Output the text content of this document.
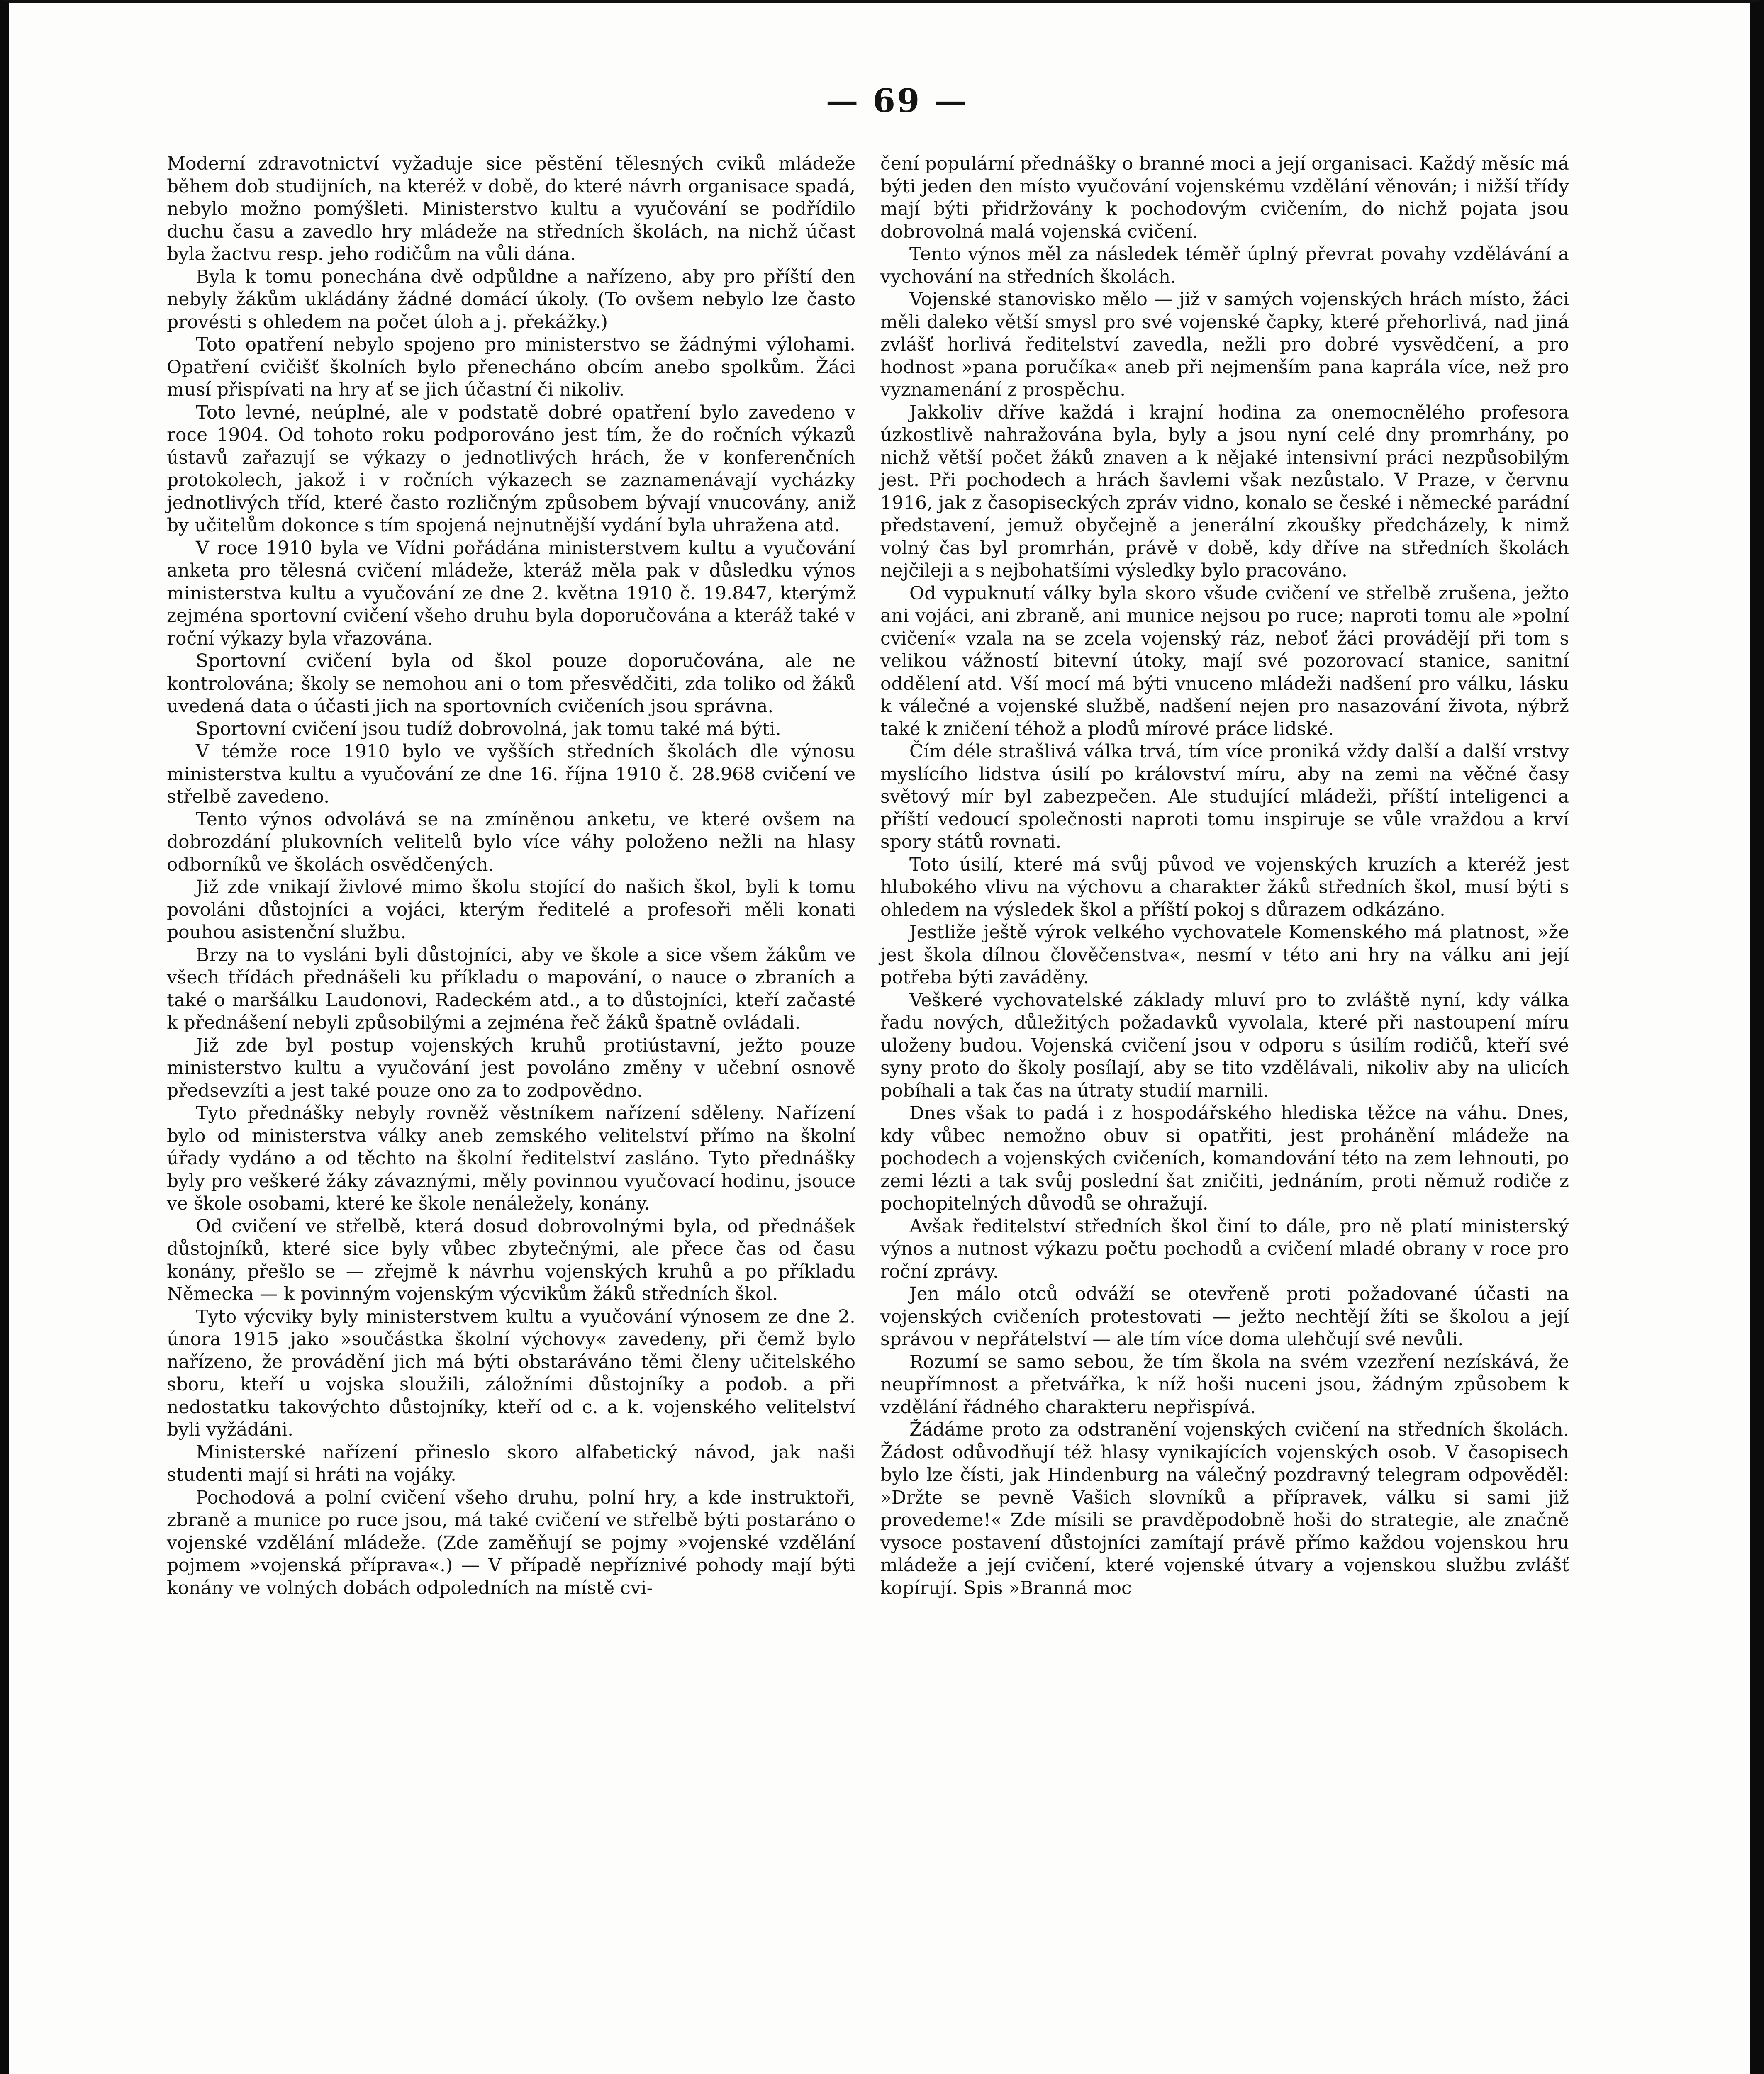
— 69 —

Moderní zdravotnictví vyžaduje sice pěstění tělesných cviků mládeže během dob studijních, na kteréž v době, do které návrh organisace spadá, nebylo možno pomýšleti. Ministerstvo kultu a vyučování se podřídilo duchu času a zavedlo hry mládeže na středních školách, na nichž účast byla žactvu resp. jeho rodičům na vůli dána.

Byla k tomu ponechána dvě odpůldne a nařízeno, aby pro příští den nebyly žákům ukládány žádné domácí úkoly. (To ovšem nebylo lze často provésti s ohledem na počet úloh a j. překážky.)

Toto opatření nebylo spojeno pro ministerstvo se žádnými výlohami. Opatření cvičišť školních bylo přenecháno obcím anebo spolkům. Žáci musí přispívati na hry ať se jich účastní či nikoliv.

Toto levné, neúplné, ale v podstatě dobré opatření bylo zavedeno v roce 1904. Od tohoto roku podporováno jest tím, že do ročních výkazů ústavů zařazují se výkazy o jednotlivých hrách, že v konferenčních protokolech, jakož i v ročních výkazech se zaznamenávají vycházky jednotlivých tříd, které často rozličným způsobem bývají vnucovány, aniž by učitelům dokonce s tím spojená nejnutnější vydání byla uhražena atd.

V roce 1910 byla ve Vídni pořádána ministerstvem kultu a vyučování anketa pro tělesná cvičení mládeže, kteráž měla pak v důsledku výnos ministerstva kultu a vyučování ze dne 2. května 1910 č. 19.847, kterýmž zejména sportovní cvičení všeho druhu byla doporučována a kteráž také v roční výkazy byla vřazována.

Sportovní cvičení byla od škol pouze doporučována, ale ne kontrolována; školy se nemohou ani o tom přesvědčiti, zda toliko od žáků uvedená data o účasti jich na sportovních cvičeních jsou správna.

Sportovní cvičení jsou tudíž dobrovolná, jak tomu také má býti.

V témže roce 1910 bylo ve vyšších středních školách dle výnosu ministerstva kultu a vyučování ze dne 16. října 1910 č. 28.968 cvičení ve střelbě zavedeno.

Tento výnos odvolává se na zmíněnou anketu, ve které ovšem na dobrozdání plukovních velitelů bylo více váhy položeno nežli na hlasy odborníků ve školách osvědčených.

Již zde vnikají živlové mimo školu stojící do našich škol, byli k tomu povoláni důstojníci a vojáci, kterým ředitelé a profesoři měli konati pouhou asistenční službu.

Brzy na to vysláni byli důstojníci, aby ve škole a sice všem žákům ve všech třídách přednášeli ku příkladu o mapování, o nauce o zbraních a také o maršálku Laudonovi, Radeckém atd., a to důstojníci, kteří začasté k přednášení nebyli způsobilými a zejména řeč žáků špatně ovládali.

Již zde byl postup vojenských kruhů protiústavní, ježto pouze ministerstvo kultu a vyučování jest povoláno změny v učební osnově předsevzíti a jest také pouze ono za to zodpovědno.

Tyto přednášky nebyly rovněž věstníkem nařízení sděleny. Nařízení bylo od ministerstva války aneb zemského velitelství přímo na školní úřady vydáno a od těchto na školní ředitelství zasláno. Tyto přednášky byly pro veškeré žáky závaznými, měly povinnou vyučovací hodinu, jsouce ve škole osobami, které ke škole nenáležely, konány.

Od cvičení ve střelbě, která dosud dobrovolnými byla, od přednášek důstojníků, které sice byly vůbec zbytečnými, ale přece čas od času konány, přešlo se — zřejmě k návrhu vojenských kruhů a po příkladu Německa — k povinným vojenským výcvikům žáků středních škol.

Tyto výcviky byly ministerstvem kultu a vyučování výnosem ze dne 2. února 1915 jako »součástka školní výchovy« zavedeny, při čemž bylo nařízeno, že provádění jich má býti obstaráváno těmi členy učitelského sboru, kteří u vojska sloužili, záložními důstojníky a podob. a při nedostatku takovýchto důstojníky, kteří od c. a k. vojenského velitelství byli vyžádáni.

Ministerské nařízení přineslo skoro alfabetický návod, jak naši studenti mají si hráti na vojáky.

Pochodová a polní cvičení všeho druhu, polní hry, a kde instruktoři, zbraně a munice po ruce jsou, má také cvičení ve střelbě býti postaráno o vojenské vzdělání mládeže. (Zde zaměňují se pojmy »vojenské vzdělání pojmem »vojenská příprava«.) — V případě nepříznivé pohody mají býti konány ve volných dobách odpoledních na místě cvi-

čení populární přednášky o branné moci a její organisaci. Každý měsíc má býti jeden den místo vyučování vojenskému vzdělání věnován; i nižší třídy mají býti přidržovány k pochodovým cvičením, do nichž pojata jsou dobrovolná malá vojenská cvičení.

Tento výnos měl za následek téměř úplný převrat povahy vzdělávání a vychování na středních školách.

Vojenské stanovisko mělo — již v samých vojenských hrách místo, žáci měli daleko větší smysl pro své vojenské čapky, které přehorlivá, nad jiná zvlášť horlivá ředitelství zavedla, nežli pro dobré vysvědčení, a pro hodnost »pana poručíka« aneb při nejmenším pana kaprála více, než pro vyznamenání z prospěchu.

Jakkoliv dříve každá i krajní hodina za onemocnělého profesora úzkostlivě nahražována byla, byly a jsou nyní celé dny promrhány, po nichž větší počet žáků znaven a k nějaké intensivní práci nezpůsobilým jest. Při pochodech a hrách šavlemi však nezůstalo. V Praze, v červnu 1916, jak z časopiseckých zpráv vidno, konalo se české i německé parádní představení, jemuž obyčejně a jenerální zkoušky předcházely, k nimž volný čas byl promrhán, právě v době, kdy dříve na středních školách nejčileji a s nejbohatšími výsledky bylo pracováno.

Od vypuknutí války byla skoro všude cvičení ve střelbě zrušena, ježto ani vojáci, ani zbraně, ani munice nejsou po ruce; naproti tomu ale »polní cvičení« vzala na se zcela vojenský ráz, neboť žáci provádějí při tom s velikou vážností bitevní útoky, mají své pozorovací stanice, sanitní oddělení atd. Vší mocí má býti vnuceno mládeži nadšení pro válku, lásku k válečné a vojenské službě, nadšení nejen pro nasazování života, nýbrž také k zničení téhož a plodů mírové práce lidské.

Čím déle strašlivá válka trvá, tím více proniká vždy další a další vrstvy myslícího lidstva úsilí po království míru, aby na zemi na věčné časy světový mír byl zabezpečen. Ale studující mládeži, příští inteligenci a příští vedoucí společnosti naproti tomu inspiruje se vůle vraždou a krví spory států rovnati.

Toto úsilí, které má svůj původ ve vojenských kruzích a kteréž jest hlubokého vlivu na výchovu a charakter žáků středních škol, musí býti s ohledem na výsledek škol a příští pokoj s důrazem odkázáno.

Jestliže ještě výrok velkého vychovatele Komenského má platnost, »že jest škola dílnou člověčenstva«, nesmí v této ani hry na válku ani její potřeba býti zaváděny.

Veškeré vychovatelské základy mluví pro to zvláště nyní, kdy válka řadu nových, důležitých požadavků vyvolala, které při nastoupení míru uloženy budou. Vojenská cvičení jsou v odporu s úsilím rodičů, kteří své syny proto do školy posílají, aby se tito vzdělávali, nikoliv aby na ulicích pobíhali a tak čas na útraty studií marnili.

Dnes však to padá i z hospodářského hlediska těžce na váhu. Dnes, kdy vůbec nemožno obuv si opatřiti, jest prohánění mládeže na pochodech a vojenských cvičeních, komandování této na zem lehnouti, po zemi lézti a tak svůj poslední šat zničiti, jednáním, proti němuž rodiče z pochopitelných důvodů se ohražují.

Avšak ředitelství středních škol činí to dále, pro ně platí ministerský výnos a nutnost výkazu počtu pochodů a cvičení mladé obrany v roce pro roční zprávy.

Jen málo otců odváží se otevřeně proti požadované účasti na vojenských cvičeních protestovati — ježto nechtějí žíti se školou a její správou v nepřátelství — ale tím více doma ulehčují své nevůli.

Rozumí se samo sebou, že tím škola na svém vzezření nezískává, že neupřímnost a přetvářka, k níž hoši nuceni jsou, žádným způsobem k vzdělání řádného charakteru nepřispívá.

Žádáme proto za odstranění vojenských cvičení na středních školách. Žádost odůvodňují též hlasy vynikajících vojenských osob. V časopisech bylo lze čísti, jak Hindenburg na válečný pozdravný telegram odpověděl: »Držte se pevně Vašich slovníků a přípravek, válku si sami již provedeme!« Zde mísili se pravděpodobně hoši do strategie, ale značně vysoce postavení důstojníci zamítají právě přímo každou vojenskou hru mládeže a její cvičení, které vojenské útvary a vojenskou službu zvlášť kopírují. Spis »Branná moc
